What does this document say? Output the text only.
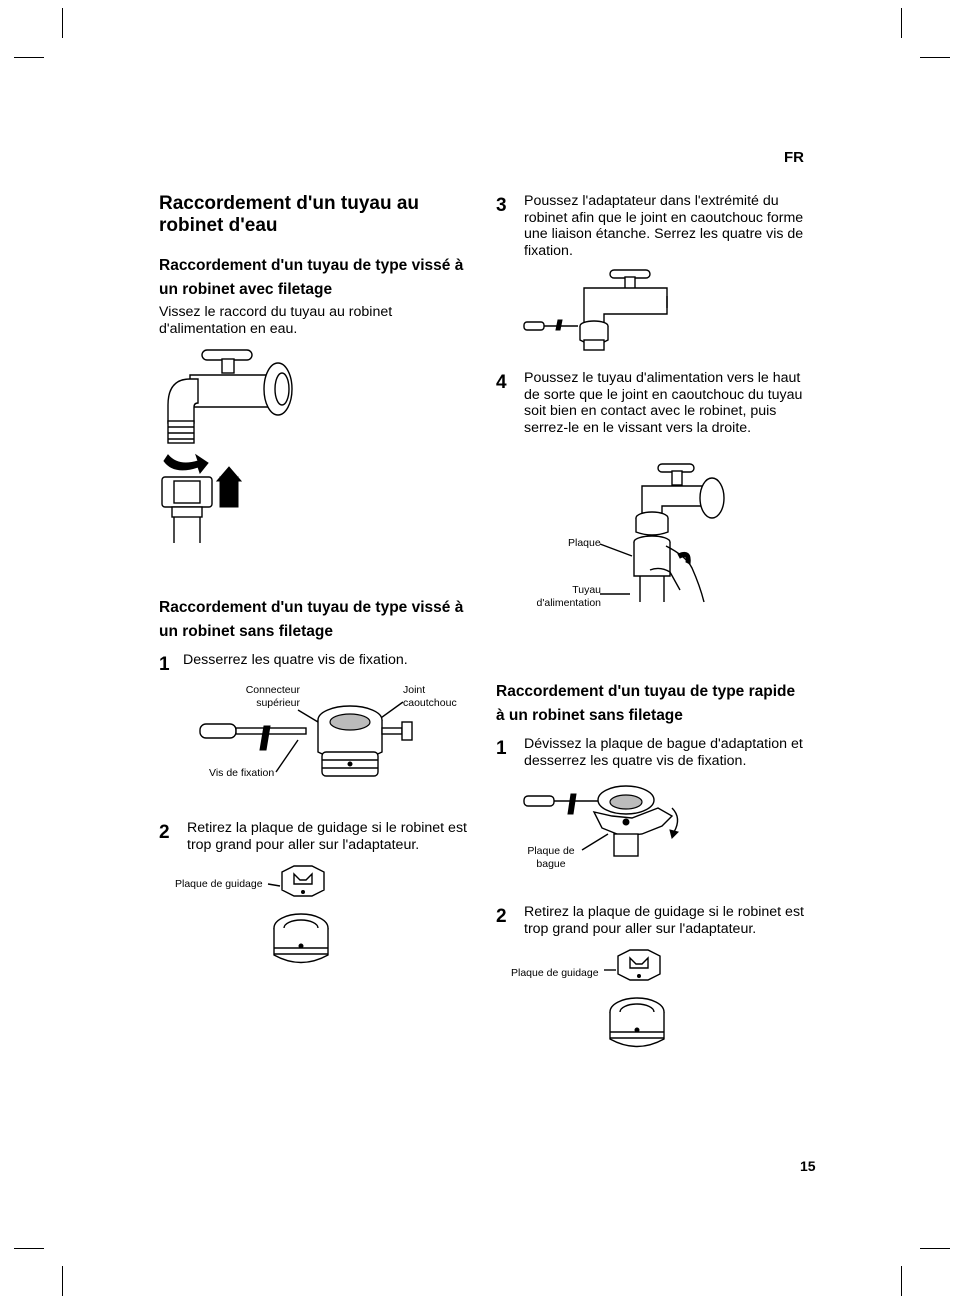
FR
15
Raccordement d'un tuyau au robinet d'eau
Raccordement d'un tuyau de type vissé à un robinet avec filetage
Vissez le raccord du tuyau au robinet d'alimentation en eau.
Raccordement d'un tuyau de type vissé à un robinet sans filetage
1 Desserrez les quatre vis de fixation.
Connecteur supérieur
Joint caoutchouc
Vis de fixation
2 Retirez la plaque de guidage si le robinet est trop grand pour aller sur l'adaptateur.
Plaque de guidage
3 Poussez l'adaptateur dans l'extrémité du robinet afin que le joint en caoutchouc forme une liaison étanche. Serrez les quatre vis de fixation.
4 Poussez le tuyau d'alimentation vers le haut de sorte que le joint en caoutchouc du tuyau soit bien en contact avec le robinet, puis serrez-le en le vissant vers la droite.
Plaque
Tuyau d'alimentation
Raccordement d'un tuyau de type rapide à un robinet sans filetage
1 Dévissez la plaque de bague d'adaptation et desserrez les quatre vis de fixation.
Plaque de bague
2 Retirez la plaque de guidage si le robinet est trop grand pour aller sur l'adaptateur.
Plaque de guidage
